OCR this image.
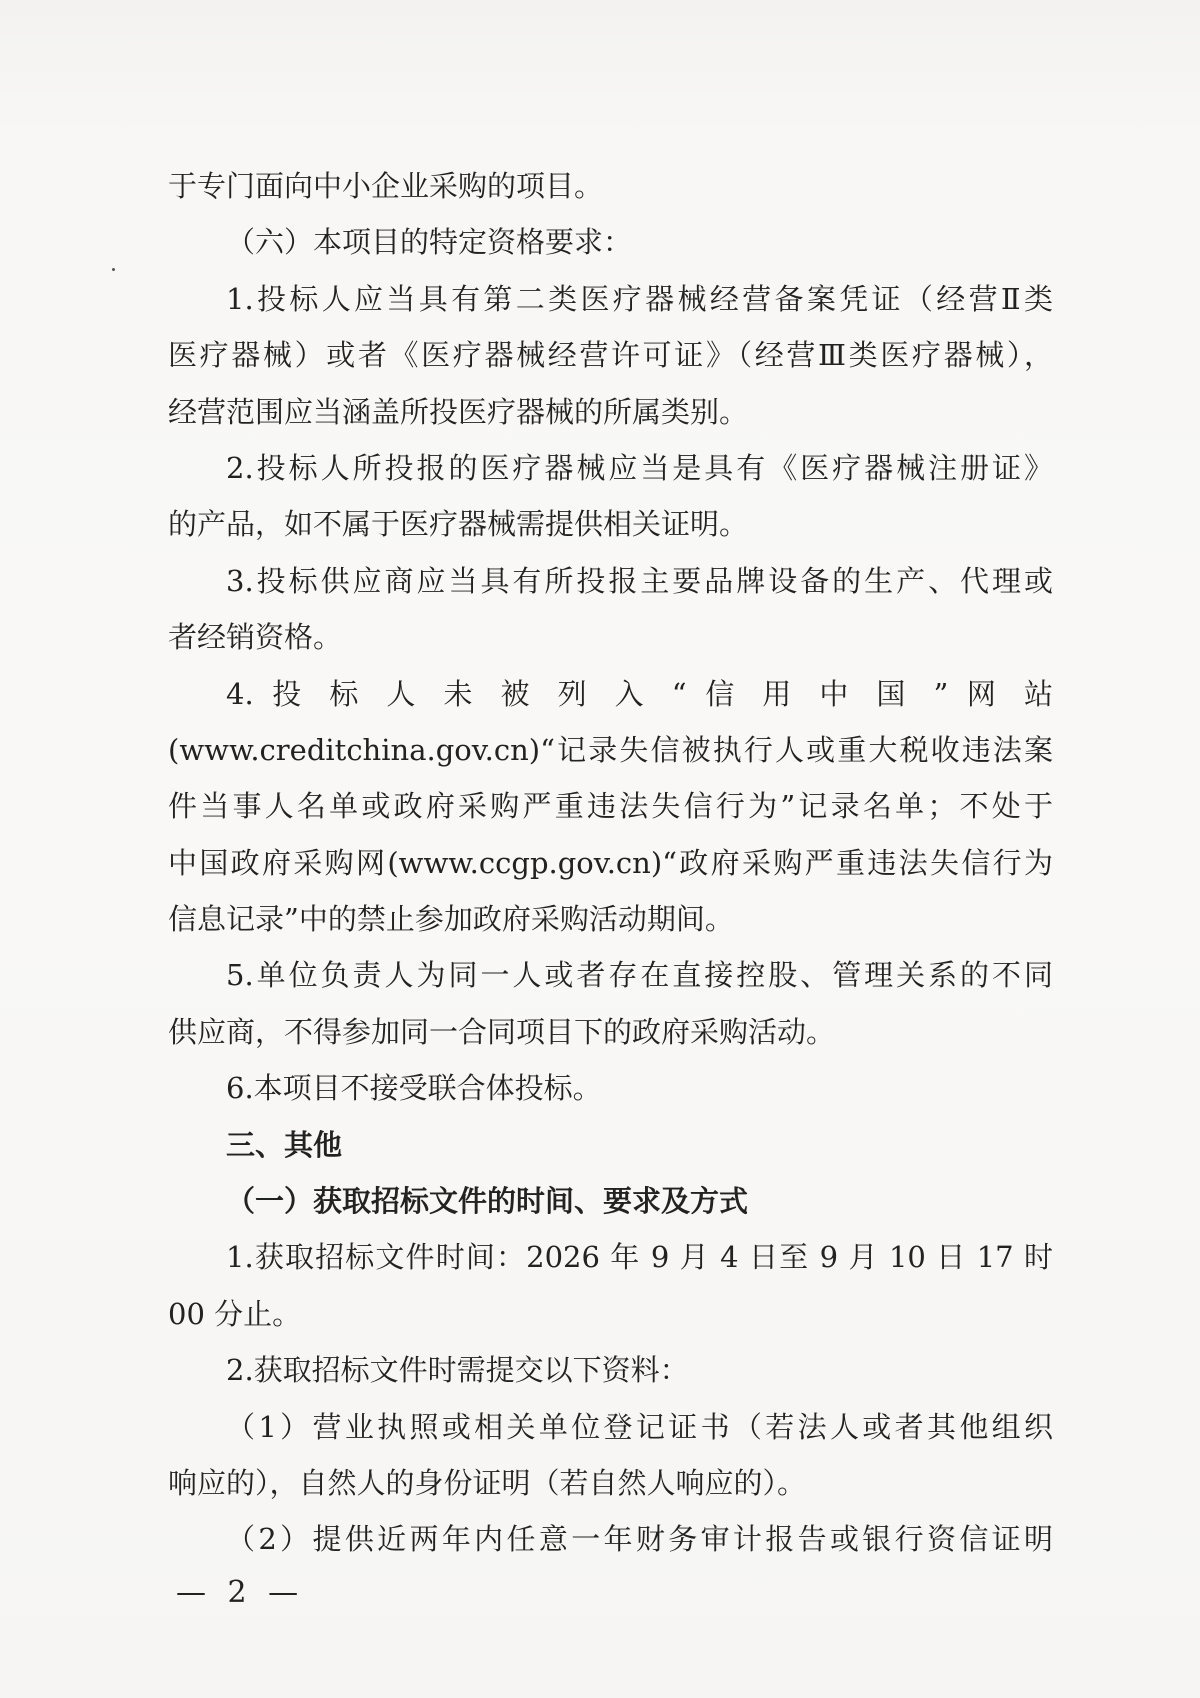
于专门面向中小企业采购的项目。
（六）本项目的特定资格要求：
1.投标人应当具有第二类医疗器械经营备案凭证（经营Ⅱ类
医疗器械）或者《医疗器械经营许可证》（经营Ⅲ类医疗器械），
经营范围应当涵盖所投医疗器械的所属类别。
2.投标人所投报的医疗器械应当是具有《医疗器械注册证》
的产品，如不属于医疗器械需提供相关证明。
3.投标供应商应当具有所投报主要品牌设备的生产、代理或
者经销资格。
4. 投 标 人 未 被 列 入 “ 信 用 中 国 ” 网 站
(www.creditchina.gov.cn)“记录失信被执行人或重大税收违法案
件当事人名单或政府采购严重违法失信行为”记录名单；不处于
中国政府采购网(www.ccgp.gov.cn)“政府采购严重违法失信行为
信息记录”中的禁止参加政府采购活动期间。
5.单位负责人为同一人或者存在直接控股、管理关系的不同
供应商，不得参加同一合同项目下的政府采购活动。
6.本项目不接受联合体投标。
三、其他
（一）获取招标文件的时间、要求及方式
1.获取招标文件时间：2026 年 9 月 4 日至 9 月 10 日 17 时
00 分止。
2.获取招标文件时需提交以下资料：
（1）营业执照或相关单位登记证书（若法人或者其他组织
响应的），自然人的身份证明（若自然人响应的）。
（2）提供近两年内任意一年财务审计报告或银行资信证明
— 2 —
